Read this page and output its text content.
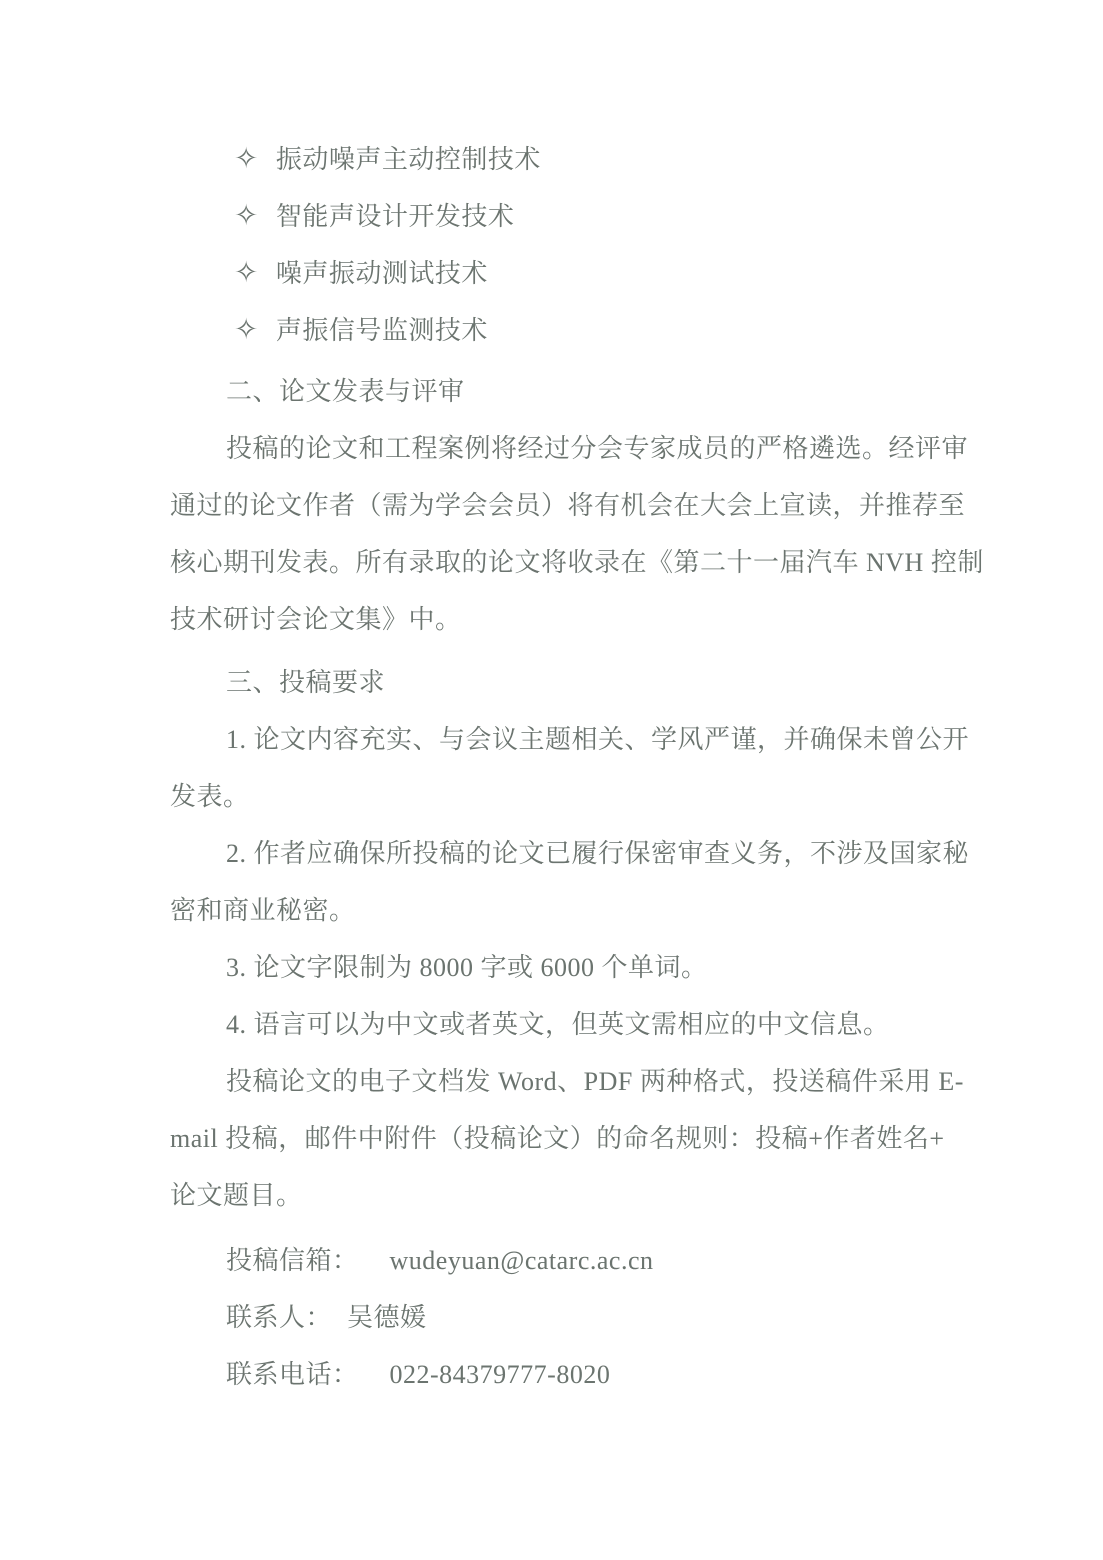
✧ 振动噪声主动控制技术
✧ 智能声设计开发技术
✧ 噪声振动测试技术
✧ 声振信号监测技术
二、论文发表与评审
投稿的论文和工程案例将经过分会专家成员的严格遴选。经评审
通过的论文作者（需为学会会员）将有机会在大会上宣读，并推荐至
核心期刊发表。所有录取的论文将收录在《第二十一届汽车 NVH 控制
技术研讨会论文集》中。
三、投稿要求
1. 论文内容充实、与会议主题相关、学风严谨，并确保未曾公开
发表。
2. 作者应确保所投稿的论文已履行保密审查义务，不涉及国家秘
密和商业秘密。
3. 论文字限制为 8000 字或 6000 个单词。
4. 语言可以为中文或者英文，但英文需相应的中文信息。
投稿论文的电子文档发 Word、PDF 两种格式，投送稿件采用 E-
mail 投稿，邮件中附件（投稿论文）的命名规则：投稿+作者姓名+
论文题目。
投稿信箱： wudeyuan@catarc.ac.cn
联系人： 吴德媛
联系电话： 022-84379777-8020
